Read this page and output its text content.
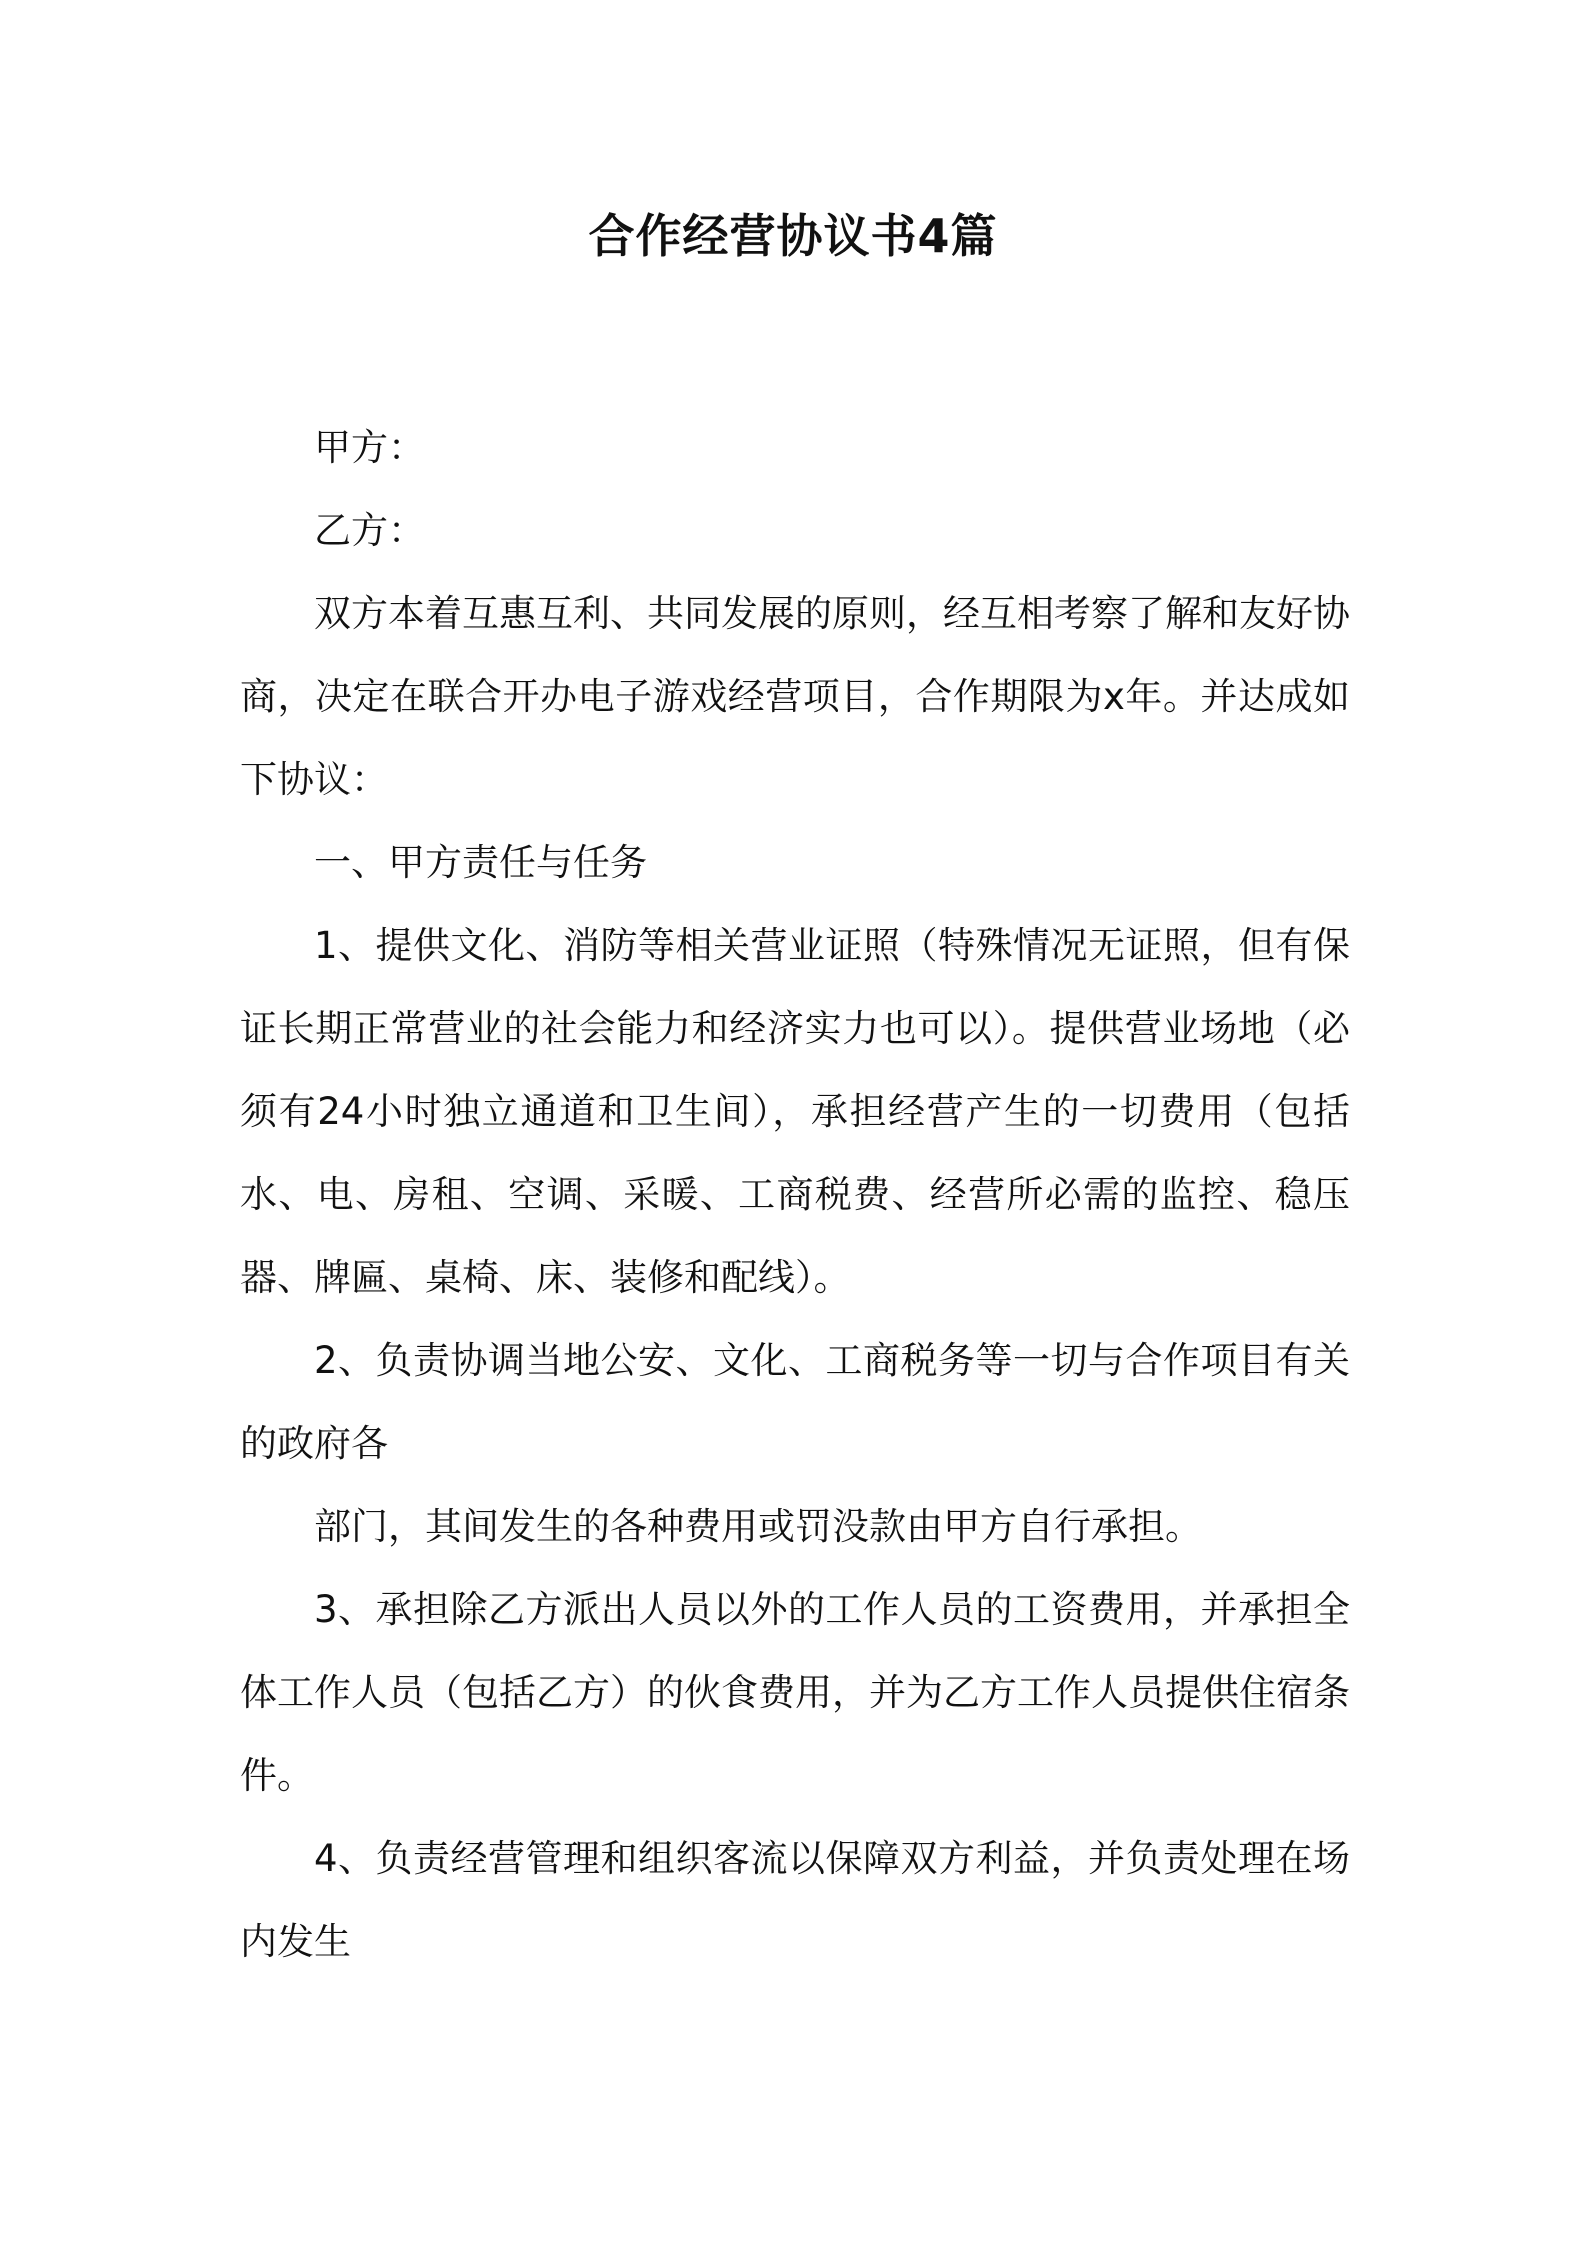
合作经营协议书4篇

甲方：

乙方：

双方本着互惠互利、共同发展的原则，经互相考察了解和友好协商，决定在联合开办电子游戏经营项目，合作期限为x年。并达成如下协议：

一、甲方责任与任务

1、提供文化、消防等相关营业证照（特殊情况无证照，但有保证长期正常营业的社会能力和经济实力也可以）。提供营业场地（必须有24小时独立通道和卫生间），承担经营产生的一切费用（包括水、电、房租、空调、采暖、工商税费、经营所必需的监控、稳压器、牌匾、桌椅、床、装修和配线）。

2、负责协调当地公安、文化、工商税务等一切与合作项目有关的政府各

部门，其间发生的各种费用或罚没款由甲方自行承担。

3、承担除乙方派出人员以外的工作人员的工资费用，并承担全体工作人员（包括乙方）的伙食费用，并为乙方工作人员提供住宿条件。

4、负责经营管理和组织客流以保障双方利益，并负责处理在场内发生
